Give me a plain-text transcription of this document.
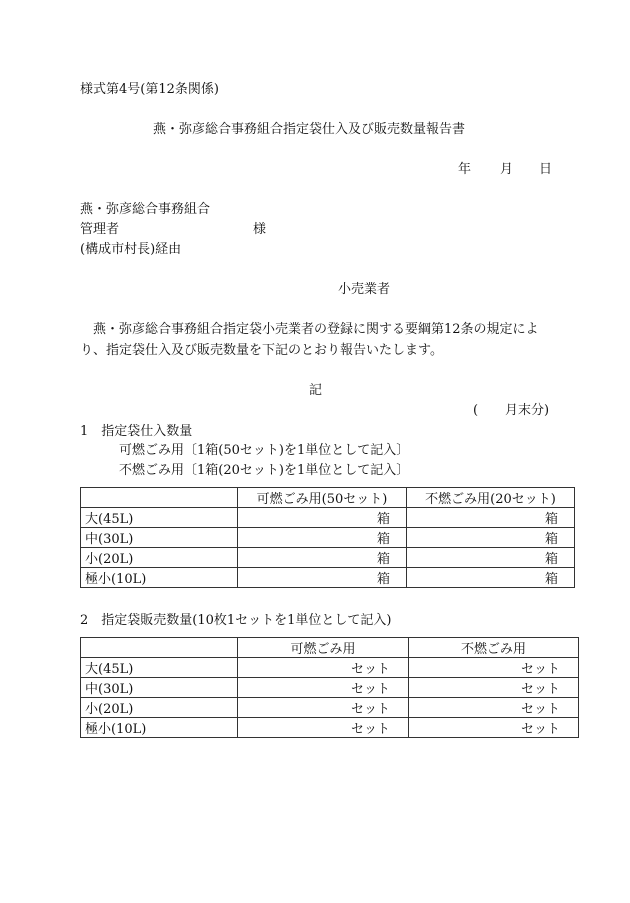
様式第4号(第12条関係)
燕・弥彦総合事務組合指定袋仕入及び販売数量報告書
年 月 日
燕・弥彦総合事務組合
管理者	様
(構成市村長)経由
小売業者
燕・弥彦総合事務組合指定袋小売業者の登録に関する要綱第12条の規定によ
り、指定袋仕入及び販売数量を下記のとおり報告いたします。
記
( 月末分)
1　指定袋仕入数量
可燃ごみ用〔1箱(50セット)を1単位として記入〕
不燃ごみ用〔1箱(20セット)を1単位として記入〕
	可燃ごみ用(50セット)	不燃ごみ用(20セット)
大(45L)	箱	箱
中(30L)	箱	箱
小(20L)	箱	箱
極小(10L)	箱	箱
2　指定袋販売数量(10枚1セットを1単位として記入)
	可燃ごみ用	不燃ごみ用
大(45L)	セット	セット
中(30L)	セット	セット
小(20L)	セット	セット
極小(10L)	セット	セット
